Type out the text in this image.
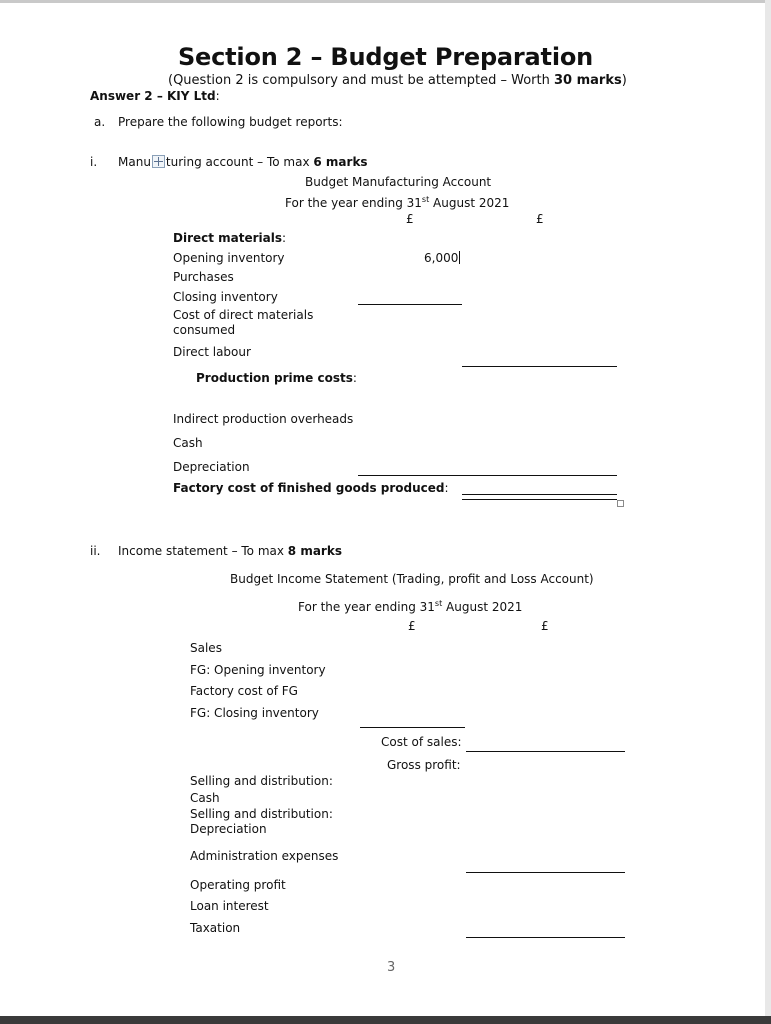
Section 2 – Budget Preparation
(Question 2 is compulsory and must be attempted – Worth 30 marks)
Answer 2 – KIY Ltd:
a. Prepare the following budget reports:
i. Manu turing account – To max 6 marks
Budget Manufacturing Account
For the year ending 31st August 2021
£	£
Direct materials:
Opening inventory	6,000
Purchases
Closing inventory
Cost of direct materials
consumed
Direct labour
Production prime costs:
Indirect production overheads
Cash
Depreciation
Factory cost of finished goods produced:
ii. Income statement – To max 8 marks
Budget Income Statement (Trading, profit and Loss Account)
For the year ending 31st August 2021
£	£
Sales
FG: Opening inventory
Factory cost of FG
FG: Closing inventory
Cost of sales:
Gross profit:
Selling and distribution:
Cash
Selling and distribution:
Depreciation
Administration expenses
Operating profit
Loan interest
Taxation
3
